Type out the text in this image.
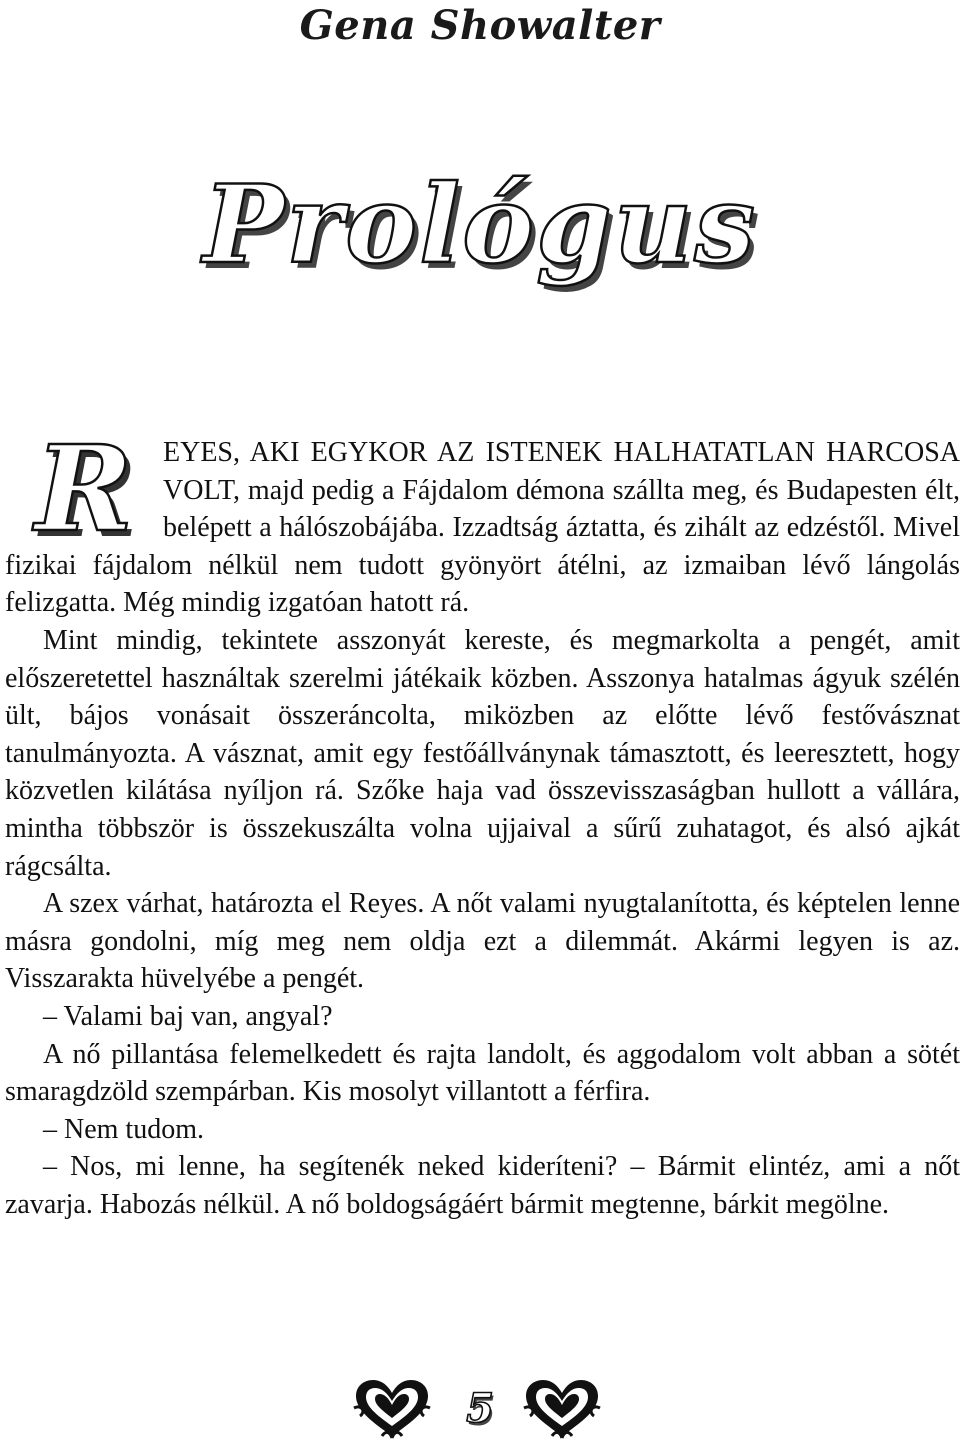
Gena Showalter
Prológus

R EYES, AKI EGYKOR AZ ISTENEK HALHATATLAN HARCOSA VOLT, majd pedig a Fájdalom démona szállta meg, és Budapesten élt, belépett a hálószobájába. Izzadtság áztatta, és zihált az edzéstől. Mivel fizikai fájdalom nélkül nem tudott gyönyört átélni, az izmaiban lévő lángolás felizgatta. Még mindig izgatóan hatott rá.

Mint mindig, tekintete asszonyát kereste, és megmarkolta a pengét, amit előszeretettel használtak szerelmi játékaik közben. Asszonya hatalmas ágyuk szélén ült, bájos vonásait összeráncolta, miközben az előtte lévő festővásznat tanulmányozta. A vásznat, amit egy festőállványnak támasztott, és leeresztett, hogy közvetlen kilátása nyíljon rá. Szőke haja vad összevisszaságban hullott a vállára, mintha többször is összekuszálta volna ujjaival a sűrű zuhatagot, és alsó ajkát rágcsálta.

A szex várhat, határozta el Reyes. A nőt valami nyugtalanította, és képtelen lenne másra gondolni, míg meg nem oldja ezt a dilemmát. Akármi legyen is az. Visszarakta hüvelyébe a pengét.

– Valami baj van, angyal?

A nő pillantása felemelkedett és rajta landolt, és aggodalom volt abban a sötét smaragdzöld szempárban. Kis mosolyt villantott a férfira.

– Nem tudom.

– Nos, mi lenne, ha segítenék neked kideríteni? – Bármit elintéz, ami a nőt zavarja. Habozás nélkül. A nő boldogságáért bármit megtenne, bárkit megölne.

5
